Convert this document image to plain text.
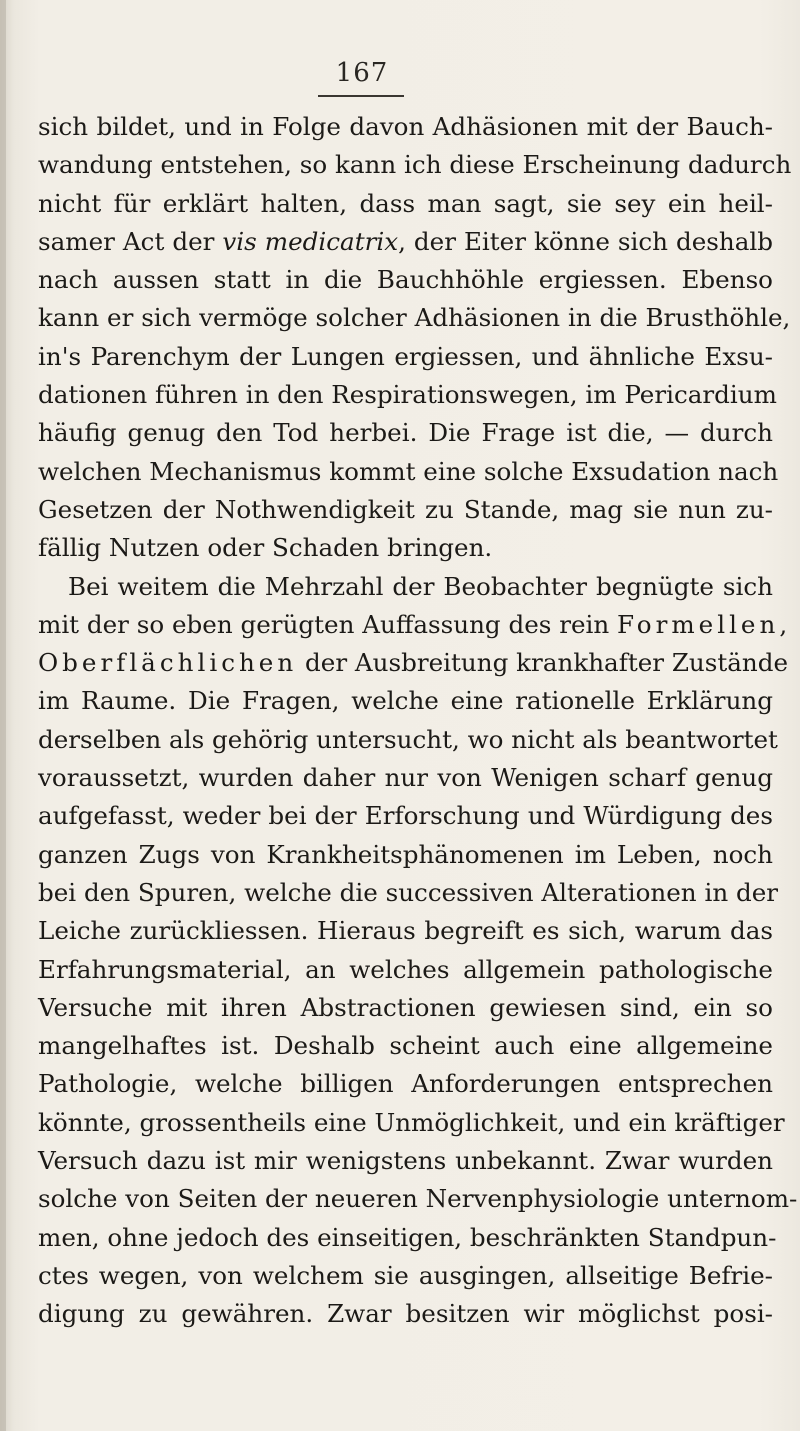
167
sich bildet, und in Folge davon Adhäsionen mit der Bauch-
wandung entstehen, so kann ich diese Erscheinung dadurch
nicht für erklärt halten, dass man sagt, sie sey ein heil-
samer Act der vis medicatrix, der Eiter könne sich deshalb
nach aussen statt in die Bauchhöhle ergiessen. Ebenso
kann er sich vermöge solcher Adhäsionen in die Brusthöhle,
in's Parenchym der Lungen ergiessen, und ähnliche Exsu-
dationen führen in den Respirationswegen, im Pericardium
häufig genug den Tod herbei. Die Frage ist die, — durch
welchen Mechanismus kommt eine solche Exsudation nach
Gesetzen der Nothwendigkeit zu Stande, mag sie nun zu-
fällig Nutzen oder Schaden bringen.
Bei weitem die Mehrzahl der Beobachter begnügte sich
mit der so eben gerügten Auffassung des rein Formellen,
Oberflächlichen der Ausbreitung krankhafter Zustände
im Raume. Die Fragen, welche eine rationelle Erklärung
derselben als gehörig untersucht, wo nicht als beantwortet
voraussetzt, wurden daher nur von Wenigen scharf genug
aufgefasst, weder bei der Erforschung und Würdigung des
ganzen Zugs von Krankheitsphänomenen im Leben, noch
bei den Spuren, welche die successiven Alterationen in der
Leiche zurückliessen. Hieraus begreift es sich, warum das
Erfahrungsmaterial, an welches allgemein pathologische
Versuche mit ihren Abstractionen gewiesen sind, ein so
mangelhaftes ist. Deshalb scheint auch eine allgemeine
Pathologie, welche billigen Anforderungen entsprechen
könnte, grossentheils eine Unmöglichkeit, und ein kräftiger
Versuch dazu ist mir wenigstens unbekannt. Zwar wurden
solche von Seiten der neueren Nervenphysiologie unternom-
men, ohne jedoch des einseitigen, beschränkten Standpun-
ctes wegen, von welchem sie ausgingen, allseitige Befrie-
digung zu gewähren. Zwar besitzen wir möglichst posi-
